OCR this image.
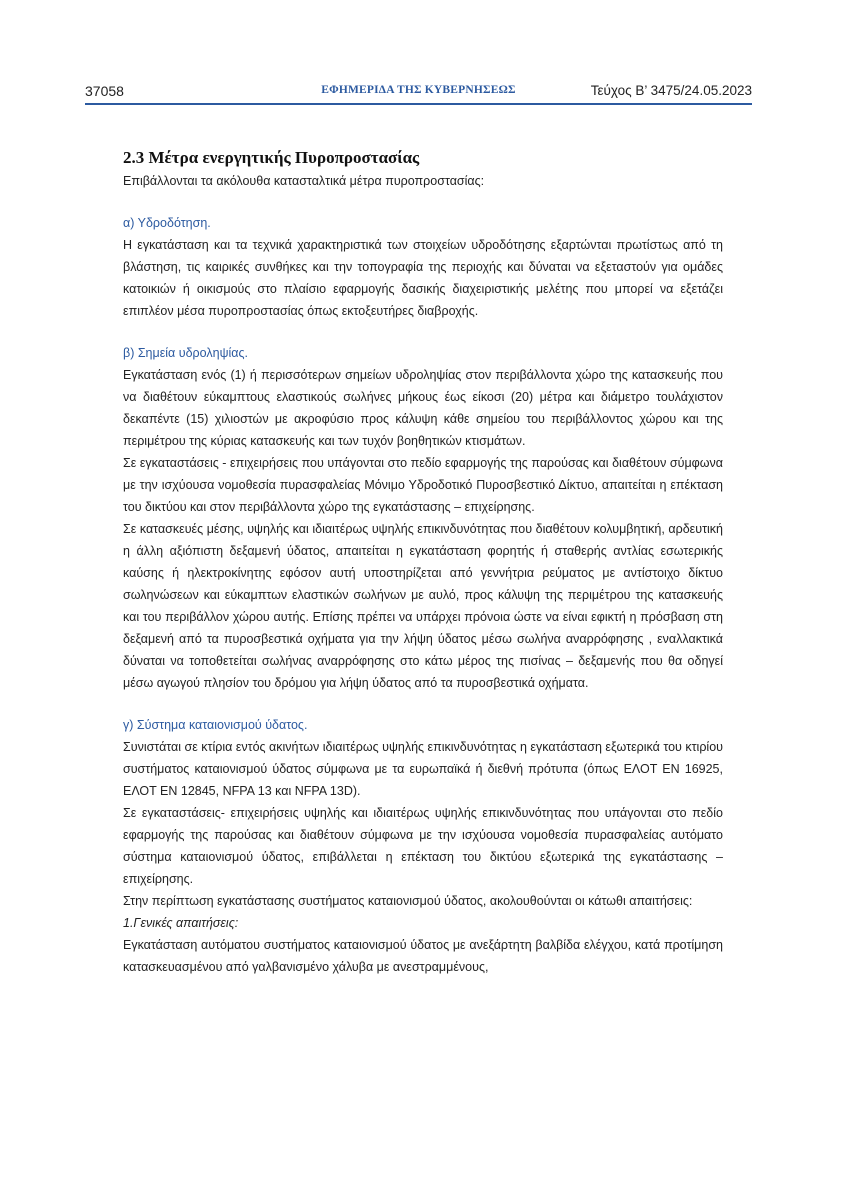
37058	ΕΦΗΜΕΡΙΔΑ ΤΗΣ ΚΥΒΕΡΝΗΣΕΩΣ	Τεύχος Β’ 3475/24.05.2023
2.3 Μέτρα ενεργητικής Πυροπροστασίας

Επιβάλλονται τα ακόλουθα κατασταλτικά μέτρα πυροπροστασίας:

α) Υδροδότηση.

Η εγκατάσταση και τα τεχνικά χαρακτηριστικά των στοιχείων υδροδότησης εξαρτώνται πρωτίστως από τη βλάστηση, τις καιρικές συνθήκες και την τοπογραφία της περιοχής και δύναται να εξεταστούν για ομάδες κατοικιών ή οικισμούς στο πλαίσιο εφαρμογής δασικής διαχειριστικής μελέτης που μπορεί να εξετάζει επιπλέον μέσα πυροπροστασίας όπως εκτοξευτήρες διαβροχής.

β) Σημεία υδροληψίας.

Εγκατάσταση ενός (1) ή περισσότερων σημείων υδροληψίας στον περιβάλλοντα χώρο της κατασκευής που να διαθέτουν εύκαμπτους ελαστικούς σωλήνες μήκους έως είκοσι (20) μέτρα και διάμετρο τουλάχιστον δεκαπέντε (15) χιλιοστών με ακροφύσιο προς κάλυψη κάθε σημείου του περιβάλλοντος χώρου και της περιμέτρου της κύριας κατασκευής και των τυχόν βοηθητικών κτισμάτων.

Σε εγκαταστάσεις - επιχειρήσεις που υπάγονται στο πεδίο εφαρμογής της παρούσας και διαθέτουν σύμφωνα με την ισχύουσα νομοθεσία πυρασφαλείας Μόνιμο Υδροδοτικό Πυροσβεστικό Δίκτυο, απαιτείται η επέκταση του δικτύου και στον περιβάλλοντα χώρο της εγκατάστασης – επιχείρησης.

Σε κατασκευές μέσης, υψηλής και ιδιαιτέρως υψηλής επικινδυνότητας που διαθέτουν κολυμβητική, αρδευτική η άλλη αξιόπιστη δεξαμενή ύδατος, απαιτείται η εγκατάσταση φορητής ή σταθερής αντλίας εσωτερικής καύσης ή ηλεκτροκίνητης εφόσον αυτή υποστηρίζεται από γεννήτρια ρεύματος με αντίστοιχο δίκτυο σωληνώσεων και εύκαμπτων ελαστικών σωλήνων με αυλό, προς κάλυψη της περιμέτρου της κατασκευής και του περιβάλλον χώρου αυτής. Επίσης πρέπει να υπάρχει πρόνοια ώστε να είναι εφικτή η πρόσβαση στη δεξαμενή από τα πυροσβεστικά οχήματα για την λήψη ύδατος μέσω σωλήνα αναρρόφησης , εναλλακτικά δύναται να τοποθετείται σωλήνας αναρρόφησης στο κάτω μέρος της πισίνας – δεξαμενής που θα οδηγεί μέσω αγωγού πλησίον του δρόμου για λήψη ύδατος από τα πυροσβεστικά οχήματα.

γ) Σύστημα καταιονισμού ύδατος.

Συνιστάται σε κτίρια εντός ακινήτων ιδιαιτέρως υψηλής επικινδυνότητας η εγκατάσταση εξωτερικά του κτιρίου συστήματος καταιονισμού ύδατος σύμφωνα με τα ευρωπαϊκά ή διεθνή πρότυπα (όπως ΕΛΟΤ ΕΝ 16925, ΕΛΟΤ ΕΝ 12845, NFPA 13 και NFPA 13D).

Σε εγκαταστάσεις- επιχειρήσεις υψηλής και ιδιαιτέρως υψηλής επικινδυνότητας που υπάγονται στο πεδίο εφαρμογής της παρούσας και διαθέτουν σύμφωνα με την ισχύουσα νομοθεσία πυρασφαλείας αυτόματο σύστημα καταιονισμού ύδατος, επιβάλλεται η επέκταση του δικτύου εξωτερικά της εγκατάστασης – επιχείρησης.

Στην περίπτωση εγκατάστασης συστήματος καταιονισμού ύδατος, ακολουθούνται οι κάτωθι απαιτήσεις:

1.Γενικές απαιτήσεις:

Εγκατάσταση αυτόματου συστήματος καταιονισμού ύδατος με ανεξάρτητη βαλβίδα ελέγχου, κατά προτίμηση κατασκευασμένου από γαλβανισμένο χάλυβα με ανεστραμμένους,
